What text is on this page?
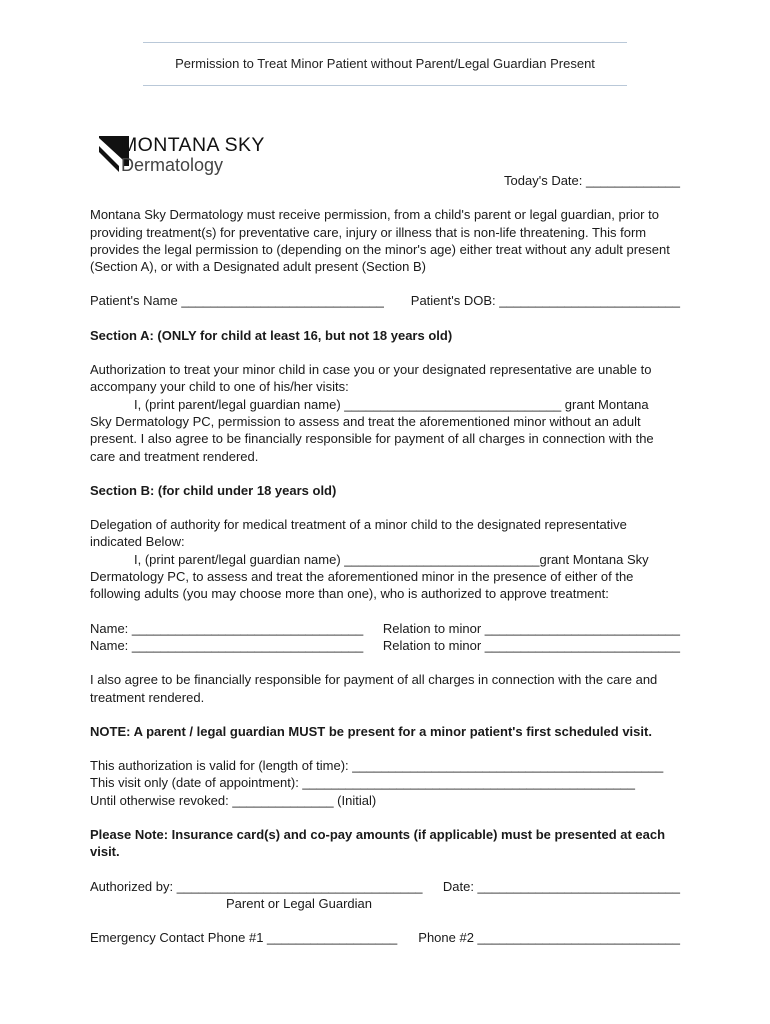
Permission to Treat Minor Patient without Parent/Legal Guardian Present
MONTANA SKY
Dermatology

Today's Date: _____________

Montana Sky Dermatology must receive permission, from a child's parent or legal guardian, prior to providing treatment(s) for preventative care, injury or illness that is non-life threatening. This form provides the legal permission to (depending on the minor's age) either treat without any adult present (Section A), or with a Designated adult present (Section B)

Patient's Name ____________________________ Patient's DOB: _________________________

Section A: (ONLY for child at least 16, but not 18 years old)

Authorization to treat your minor child in case you or your designated representative are unable to accompany your child to one of his/her visits:

I, (print parent/legal guardian name) ______________________________ grant Montana

Sky Dermatology PC, permission to assess and treat the aforementioned minor without an adult present. I also agree to be financially responsible for payment of all charges in connection with the care and treatment rendered.

Section B: (for child under 18 years old)

Delegation of authority for medical treatment of a minor child to the designated representative indicated Below:

I, (print parent/legal guardian name) ___________________________grant Montana Sky

Dermatology PC, to assess and treat the aforementioned minor in the presence of either of the following adults (you may choose more than one), who is authorized to approve treatment:

Name: ________________________________ Relation to minor ___________________________

Name: ________________________________ Relation to minor ___________________________

I also agree to be financially responsible for payment of all charges in connection with the care and treatment rendered.

NOTE: A parent / legal guardian MUST be present for a minor patient's first scheduled visit.

This authorization is valid for (length of time): ___________________________________________

This visit only (date of appointment): ______________________________________________

Until otherwise revoked: ______________ (Initial)

Please Note: Insurance card(s) and co-pay amounts (if applicable) must be presented at each visit.

Authorized by: __________________________________ Date: ____________________________

Parent or Legal Guardian

Emergency Contact Phone #1 __________________ Phone #2 ____________________________
